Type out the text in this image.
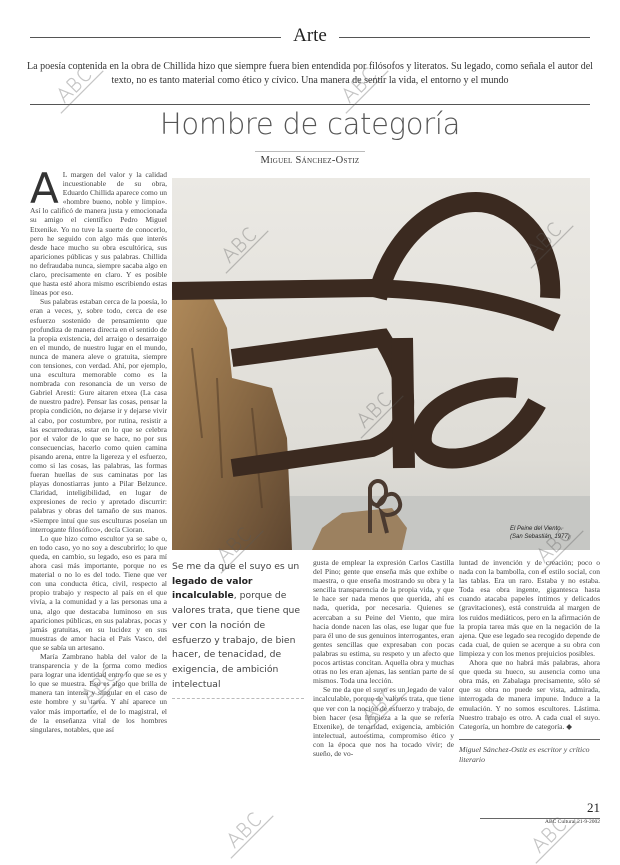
Arte
La poesía contenida en la obra de Chillida hizo que siempre fuera bien entendida por filósofos y literatos. Su legado, como señala el autor del texto, no es tanto material como ético y cívico. Una manera de sentir la vida, el entorno y el mundo
Hombre de categoría
Miguel Sánchez-Ostiz
A L margen del valor y la calidad incuestionable de su obra, Eduardo Chillida aparece como un «hombre bueno, noble y limpio». Así lo calificó de manera justa y emocionada su amigo el científico Pedro Miguel Etxenike. Yo no tuve la suerte de conocerlo, pero he seguido con algo más que interés desde hace mucho su obra escultórica, sus apariciones públicas y sus palabras. Chillida no defraudaba nunca, siempre sacaba algo en claro, precisamente en claro. Y es posible que hasta esté ahora mismo escribiendo estas líneas por eso.

Sus palabras estaban cerca de la poesía, lo eran a veces, y, sobre todo, cerca de ese esfuerzo sostenido de pensamiento que profundiza de manera directa en el sentido de la propia existencia, del arraigo o desarraigo en el mundo, de nuestro lugar en el mundo, nunca de manera aleve o gratuita, siempre con tensiones, con verdad. Ahí, por ejemplo, una escultura memorable como es la nombrada con resonancia de un verso de Gabriel Aresti: Gure aitaren etxea (La casa de nuestro padre). Pensar las cosas, pensar la propia condición, no dejarse ir y dejarse vivir al cabo, por costumbre, por rutina, resistir a las escurreduras, estar en lo que se celebra por el valor de lo que se hace, no por sus consecuencias, hacerlo como quien camina pisando arena, entre la ligereza y el esfuerzo, como si las cosas, las palabras, las formas fueran huellas de sus caminatas por las playas donostiarras junto a Pilar Belzunce. Claridad, inteligibilidad, en lugar de expresiones de recio y apretado discurrir: palabras y obras del tamaño de sus manos. «Siempre intuí que sus esculturas poseían un interrogante filosófico», decía Cioran.

Lo que hizo como escultor ya se sabe o, en todo caso, yo no soy a descubrirlo; lo que queda, en cambio, su legado, eso es para mí ahora casi más importante, porque no es material o no lo es del todo. Tiene que ver con una conducta ética, civil, respecto al propio trabajo y respecto al país en el que vivía, a la comunidad y a las personas una a una, algo que destacaba luminoso en sus apariciones públicas, en sus palabras, pocas y jamás gratuitas, en su lucidez y en sus muestras de amor hacia el País Vasco, del que se sabía un artesano.

María Zambrano habla del valor de la transparencia y de la forma como medios para lograr una identidad entre lo que se es y lo que se muestra. Eso es algo que brilla de manera tan intensa y singular en el caso de este hombre y su tarea. Y ahí aparece un valor más importante, el de lo magistral, el de la enseñanza vital de los hombres singulares, notables, que así

El Peine del Viento.
(San Sebastián, 1977)
Se me da que el suyo es un legado de valor incalculable, porque de valores trata, que tiene que ver con la noción de esfuerzo y trabajo, de bien hacer, de tenacidad, de exigencia, de ambición intelectual

gusta de emplear la expresión Carlos Castilla del Pino; gente que enseña más que exhibe o maestra, o que enseña mostrando su obra y la sencilla transparencia de la propia vida, y que le hace ser nada menos que querida, ahí es nada, querida, por necesaria. Quienes se acercaban a su Peine del Viento, que mira hacia donde nacen las olas, ese lugar que fue para él uno de sus genuinos interrogantes, eran gentes sencillas que expresaban con pocas palabras su estima, su respeto y un afecto que pocos artistas concitan. Aquella obra y muchas otras no les eran ajenas, las sentían parte de sí mismos. Toda una lección.

Se me da que el suyo es un legado de valor incalculable, porque de valores trata, que tiene que ver con la noción de esfuerzo y trabajo, de bien hacer (esa limpieza a la que se refería Etxenike), de tenacidad, exigencia, ambición intelectual, autoestima, compromiso ético y con la época que nos ha tocado vivir; de sueño, de vo-

luntad de invención y de creación; poco o nada con la bambolla, con el estilo social, con las tablas. Era un raro. Estaba y no estaba. Toda esa obra ingente, gigantesca hasta cuando atacaba papeles íntimos y delicados (gravitaciones), está construida al margen de los ruidos mediáticos, pero en la afirmación de la propia tarea más que en la negación de la ajena. Que ese legado sea recogido depende de cada cual, de quien se acerque a su obra con limpieza y con los menos prejuicios posibles.

Ahora que no habrá más palabras, ahora que queda su hueco, su ausencia como una obra más, en Zabalaga precisamente, sólo sé que su obra no puede ser vista, admirada, interrogada de manera impune. Induce a la emulación. Y no somos escultores. Lástima. Nuestro trabajo es otro. A cada cual el suyo. Categoría, un hombre de categoría. ◆

Miguel Sánchez-Ostiz es escritor y crítico literario
21
ABC Cultural 21-9-2002
